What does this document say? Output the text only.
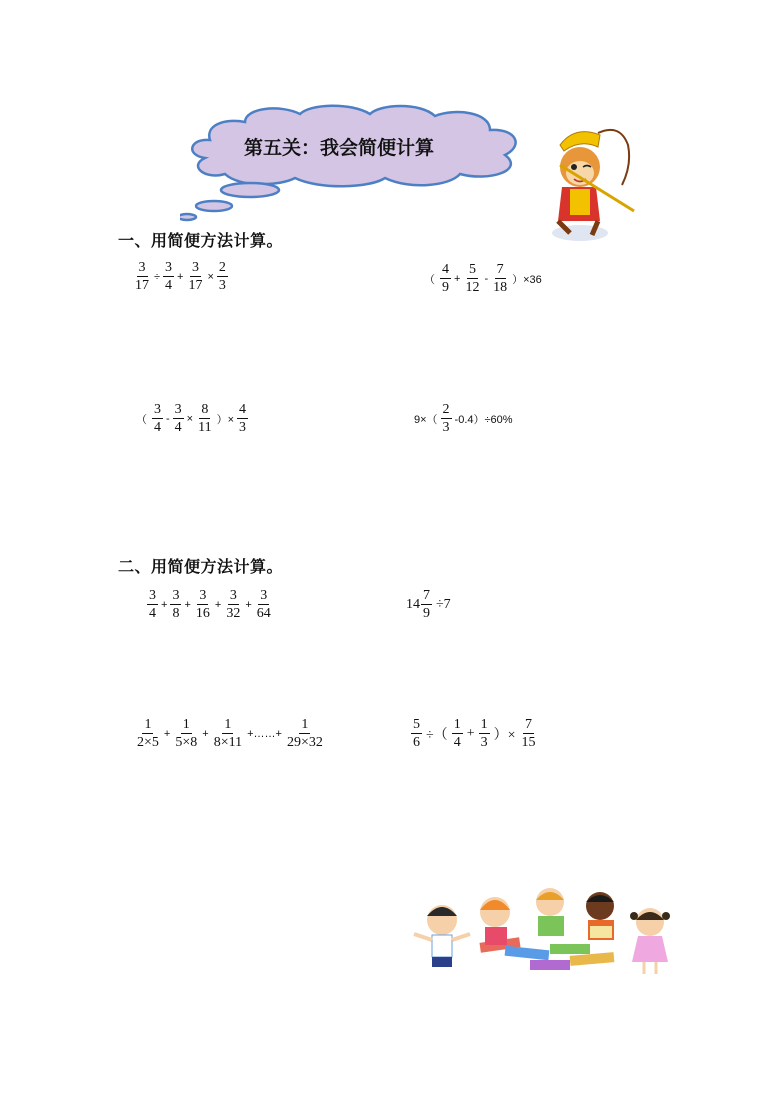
第五关：我会简便计算
一、用简便方法计算。
$\frac{3}{17} \div \frac{3}{4} + \frac{3}{17} \times \frac{2}{3}$	（ $\frac{4}{9} + \frac{5}{12} - \frac{7}{18} )\times 36$
（ $\frac{3}{4} - \frac{3}{4} \times \frac{8}{11}$ ）× $\frac{4}{3}$	$9\times( \frac{2}{3} -0.4)\div 60\%$
二、用简便方法计算。
$\frac{3}{4} + \frac{3}{8} + \frac{3}{16} + \frac{3}{32} + \frac{3}{64}$	$14 \frac{7}{9} \div 7$
$\frac{1}{2\times 5} + \frac{1}{5\times 8} + \frac{1}{8\times 11}$ +……+ $\frac{1}{29\times 32}$	$\frac{5}{6}$ ÷（ $\frac{1}{4} + \frac{1}{3}$ ）× $\frac{7}{15}$
